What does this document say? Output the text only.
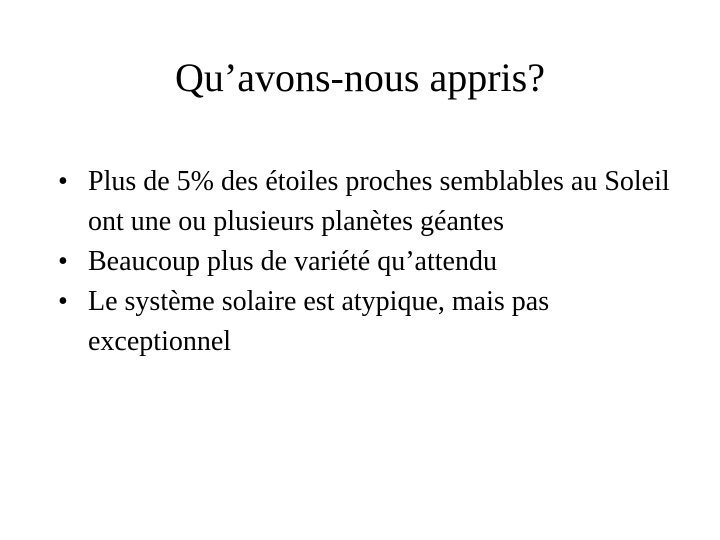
Qu’avons-nous appris?
• Plus de 5% des étoiles proches semblables au Soleil ont une ou plusieurs planètes géantes
• Beaucoup plus de variété qu’attendu
• Le système solaire est atypique, mais pas exceptionnel
